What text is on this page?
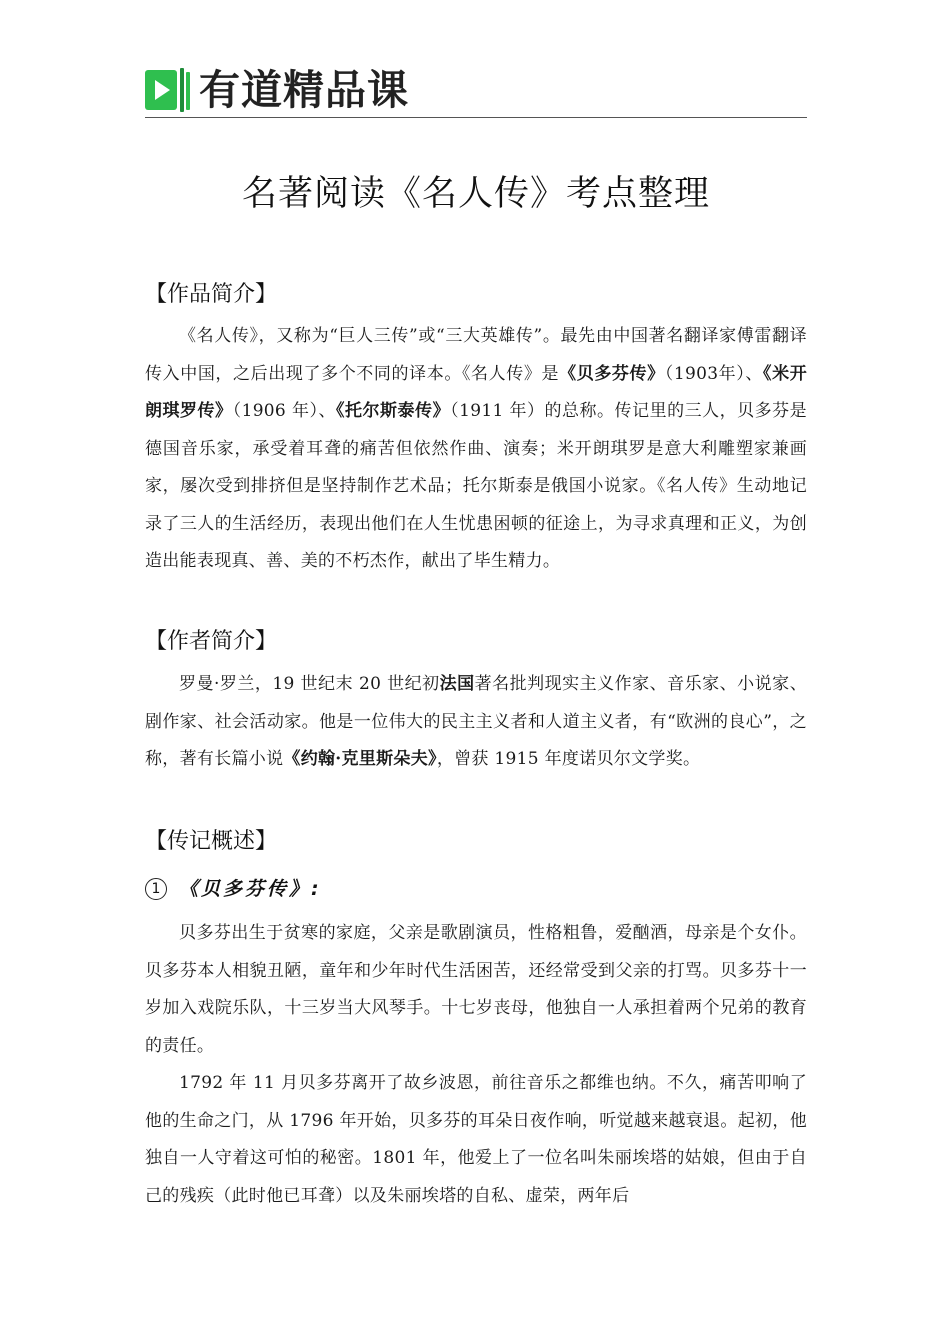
有道精品课
名著阅读《名人传》考点整理
【作品简介】
《名人传》，又称为“巨人三传”或“三大英雄传”。最先由中国著名翻译家傅雷翻译传入中国，之后出现了多个不同的译本。《名人传》是《贝多芬传》（1903年）、《米开朗琪罗传》（1906 年）、《托尔斯泰传》（1911 年）的总称。传记里的三人，贝多芬是德国音乐家，承受着耳聋的痛苦但依然作曲、演奏；米开朗琪罗是意大利雕塑家兼画家，屡次受到排挤但是坚持制作艺术品；托尔斯泰是俄国小说家。《名人传》生动地记录了三人的生活经历，表现出他们在人生忧患困顿的征途上，为寻求真理和正义，为创造出能表现真、善、美的不朽杰作，献出了毕生精力。
【作者简介】
罗曼·罗兰，19 世纪末 20 世纪初法国著名批判现实主义作家、音乐家、小说家、剧作家、社会活动家。他是一位伟大的民主主义者和人道主义者，有“欧洲的良心”，之称，著有长篇小说《约翰·克里斯朵夫》，曾获 1915 年度诺贝尔文学奖。
【传记概述】
1 《贝多芬传》:
贝多芬出生于贫寒的家庭，父亲是歌剧演员，性格粗鲁，爱酗酒，母亲是个女仆。贝多芬本人相貌丑陋，童年和少年时代生活困苦，还经常受到父亲的打骂。贝多芬十一岁加入戏院乐队，十三岁当大风琴手。十七岁丧母，他独自一人承担着两个兄弟的教育的责任。
1792 年 11 月贝多芬离开了故乡波恩，前往音乐之都维也纳。不久，痛苦叩响了他的生命之门，从 1796 年开始，贝多芬的耳朵日夜作响，听觉越来越衰退。起初，他独自一人守着这可怕的秘密。1801 年，他爱上了一位名叫朱丽埃塔的姑娘，但由于自己的残疾（此时他已耳聋）以及朱丽埃塔的自私、虚荣，两年后
